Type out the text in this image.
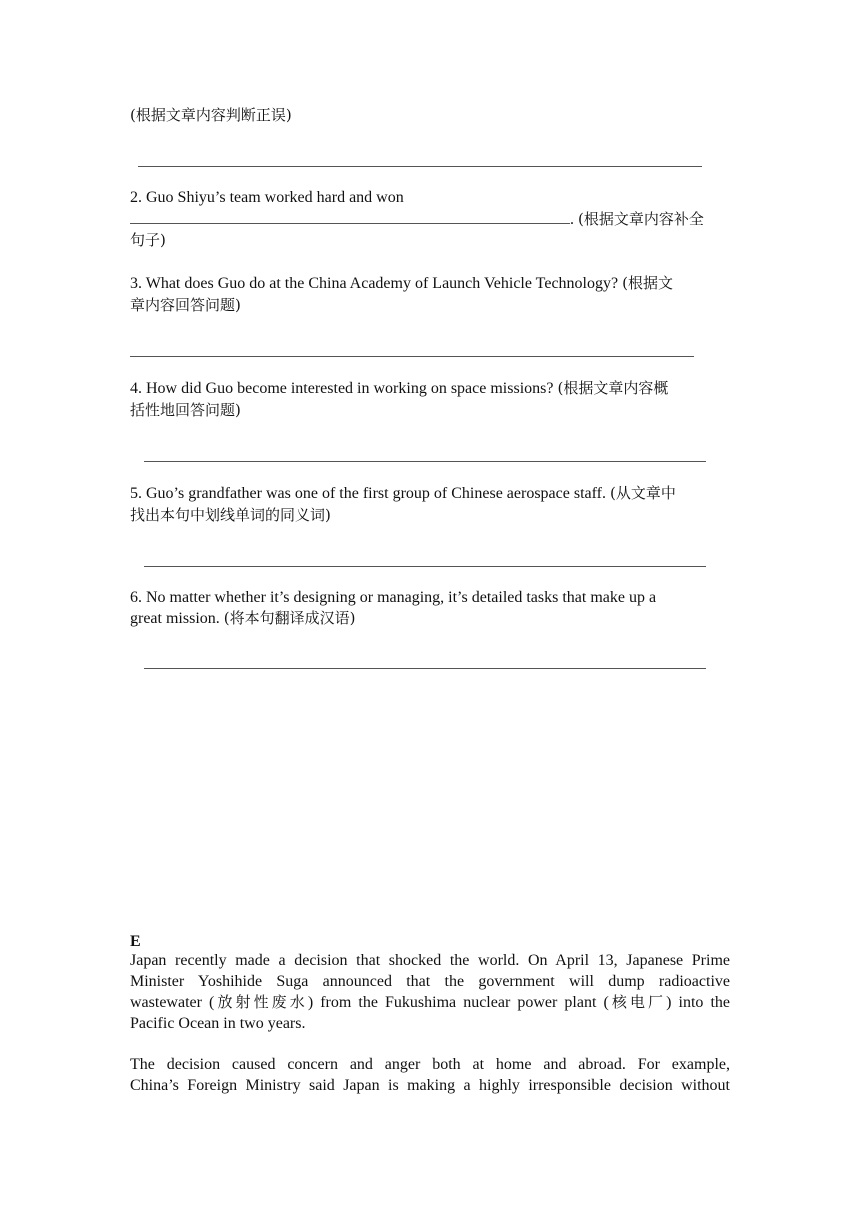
(根据文章内容判断正误)
2. Guo Shiyu’s team worked hard and won
. (根据文章内容补全
句子)
3. What does Guo do at the China Academy of Launch Vehicle Technology? (根据文
章内容回答问题)
4. How did Guo become interested in working on space missions? (根据文章内容概
括性地回答问题)
5. Guo’s grandfather was one of the first group of Chinese aerospace staff. (从文章中
找出本句中划线单词的同义词)
6. No matter whether it’s designing or managing, it’s detailed tasks that make up a
great mission. (将本句翻译成汉语)
E
Japan recently made a decision that shocked the world. On April 13, Japanese Prime
Minister Yoshihide Suga announced that the government will dump radioactive
wastewater (放射性废水) from the Fukushima nuclear power plant (核电厂) into the
Pacific Ocean in two years.
The decision caused concern and anger both at home and abroad. For example,
China’s Foreign Ministry said Japan is making a highly irresponsible decision without
